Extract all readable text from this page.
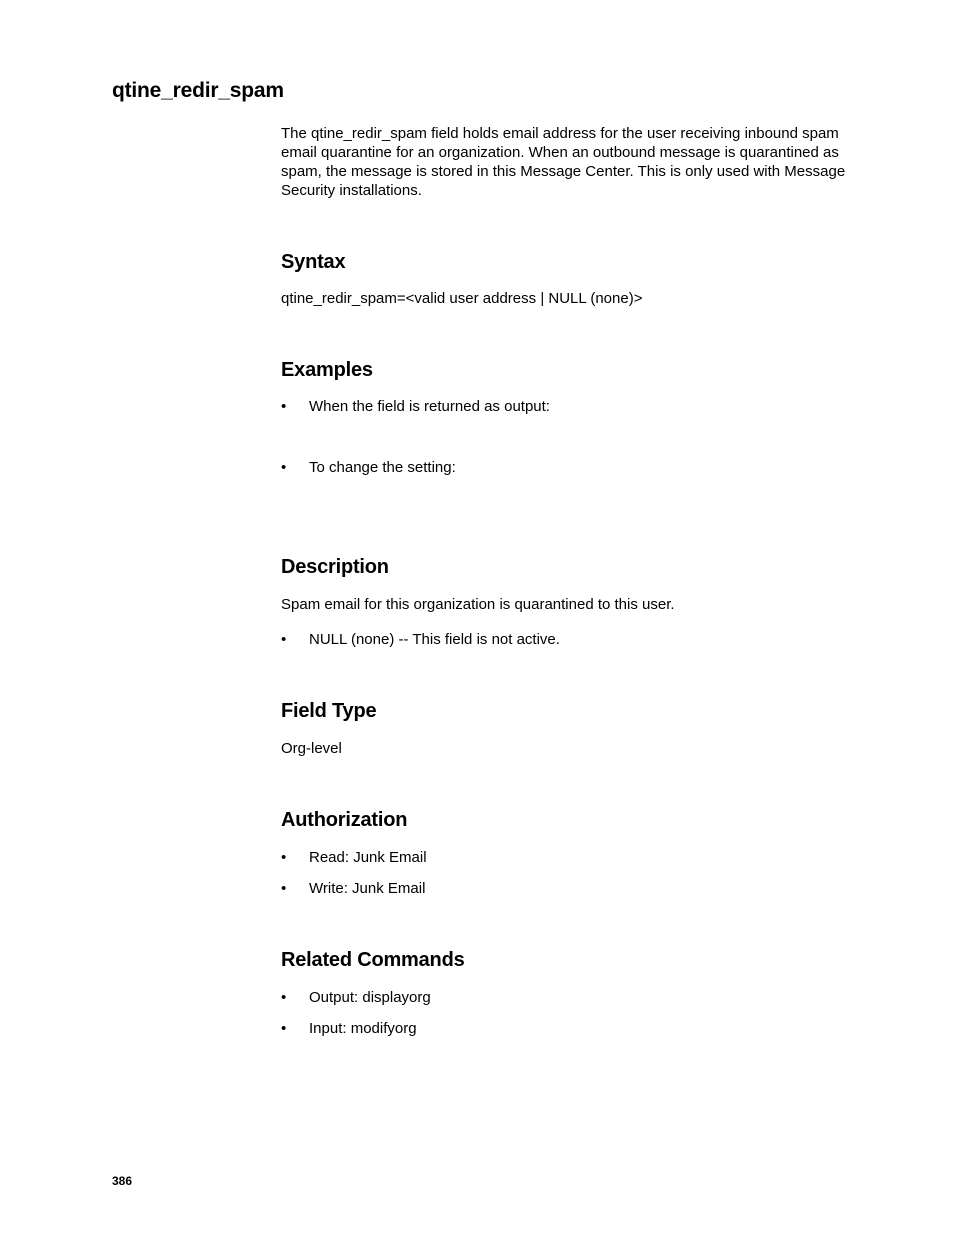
qtine_redir_spam

The qtine_redir_spam field holds email address for the user receiving inbound spam email quarantine for an organization. When an outbound message is quarantined as spam, the message is stored in this Message Center. This is only used with Message Security installations.

Syntax

qtine_redir_spam=<valid user address | NULL (none)>

Examples
•	When the field is returned as output:
•	To change the setting:
Description

Spam email for this organization is quarantined to this user.

•	NULL (none) -- This field is not active.
Field Type

Org-level

Authorization
•	Read: Junk Email
•	Write: Junk Email
Related Commands
•	Output: displayorg
•	Input: modifyorg
386
